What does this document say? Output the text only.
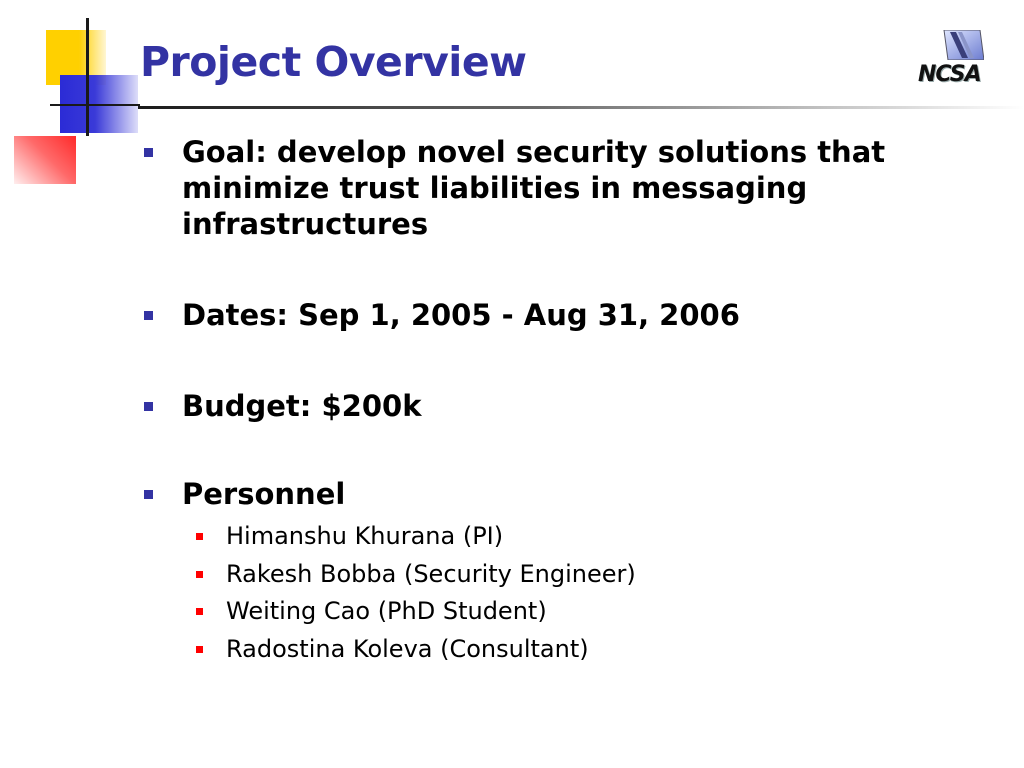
Project Overview	NCSA
Goal: develop novel security solutions that minimize trust liabilities in messaging infrastructures
Dates: Sep 1, 2005 - Aug 31, 2006
Budget: $200k
Personnel
Himanshu Khurana (PI)
Rakesh Bobba (Security Engineer)
Weiting Cao (PhD Student)
Radostina Koleva (Consultant)
